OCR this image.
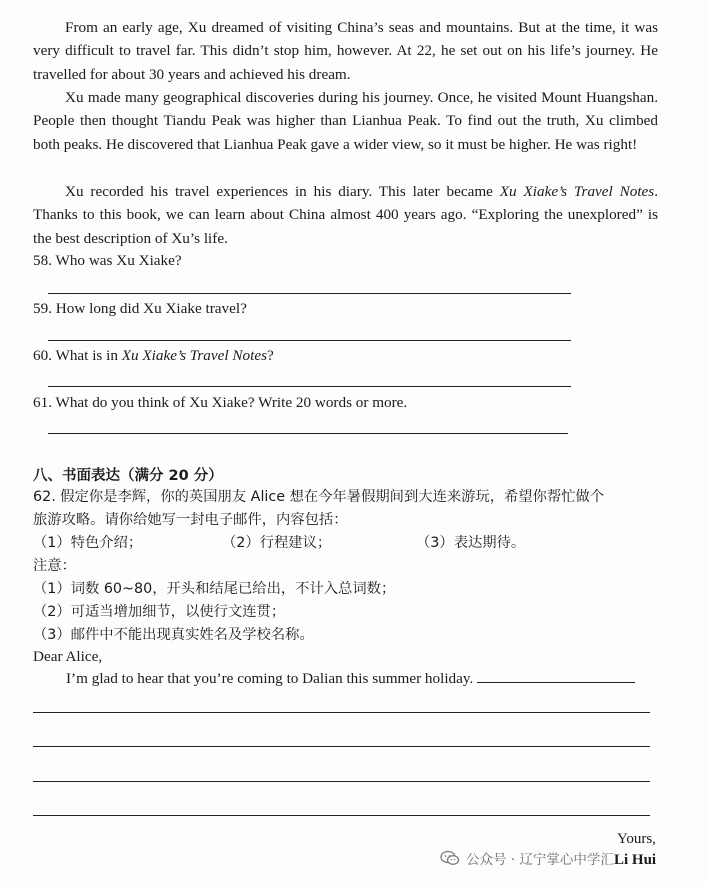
From an early age, Xu dreamed of visiting China’s seas and mountains. But at the time, it was very difficult to travel far. This didn’t stop him, however. At 22, he set out on his life’s journey. He travelled for about 30 years and achieved his dream.

Xu made many geographical discoveries during his journey. Once, he visited Mount Huangshan. People then thought Tiandu Peak was higher than Lianhua Peak. To find out the truth, Xu climbed both peaks. He discovered that Lianhua Peak gave a wider view, so it must be higher. He was right!

Xu recorded his travel experiences in his diary. This later became Xu Xiake’s Travel Notes. Thanks to this book, we can learn about China almost 400 years ago. “Exploring the unexplored” is the best description of Xu’s life.

58. Who was Xu Xiake?

59. How long did Xu Xiake travel?

60. What is in Xu Xiake’s Travel Notes?

61. What do you think of Xu Xiake? Write 20 words or more.

八、书面表达（满分 20 分）

62. 假定你是李辉，你的英国朋友 Alice 想在今年暑假期间到大连来游玩，希望你帮忙做个

旅游攻略。请你给她写一封电子邮件，内容包括：

（1）特色介绍；	（2）行程建议；	（3）表达期待。

注意：

（1）词数 60~80，开头和结尾已给出，不计入总词数；

（2）可适当增加细节，以使行文连贯；

（3）邮件中不能出现真实姓名及学校名称。

Dear Alice,

I’m glad to hear that you’re coming to Dalian this summer holiday.

Yours,

Li Hui

公众号 · 辽宁掌心中学汇
